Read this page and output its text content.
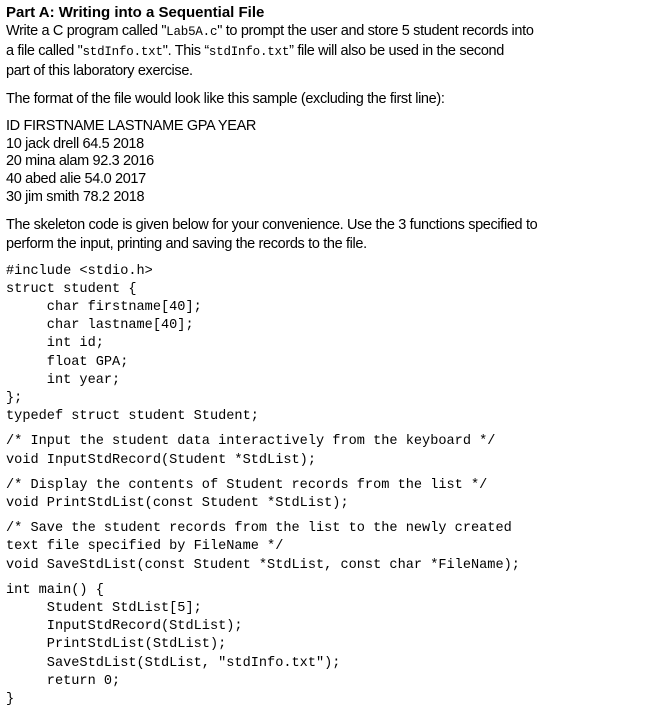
Part A: Writing into a Sequential File

Write a C program called "Lab5A.c" to prompt the user and store 5 student records into

a file called "stdInfo.txt". This “stdInfo.txt” file will also be used in the second

part of this laboratory exercise.

The format of the file would look like this sample (excluding the first line):

ID FIRSTNAME LASTNAME GPA YEAR

10 jack drell 64.5 2018

20 mina alam 92.3 2016

40 abed alie 54.0 2017

30 jim smith 78.2 2018

The skeleton code is given below for your convenience. Use the 3 functions specified to

perform the input, printing and saving the records to the file.

#include <stdio.h>
struct student {
char firstname[40];
char lastname[40];
int id;
float GPA;
int year;
};
typedef struct student Student;
/* Input the student data interactively from the keyboard */
void InputStdRecord(Student *StdList);
/* Display the contents of Student records from the list */
void PrintStdList(const Student *StdList);
/* Save the student records from the list to the newly created
text file specified by FileName */
void SaveStdList(const Student *StdList, const char *FileName);
int main() {
Student StdList[5];
InputStdRecord(StdList);
PrintStdList(StdList);
SaveStdList(StdList, "stdInfo.txt");
return 0;
}
